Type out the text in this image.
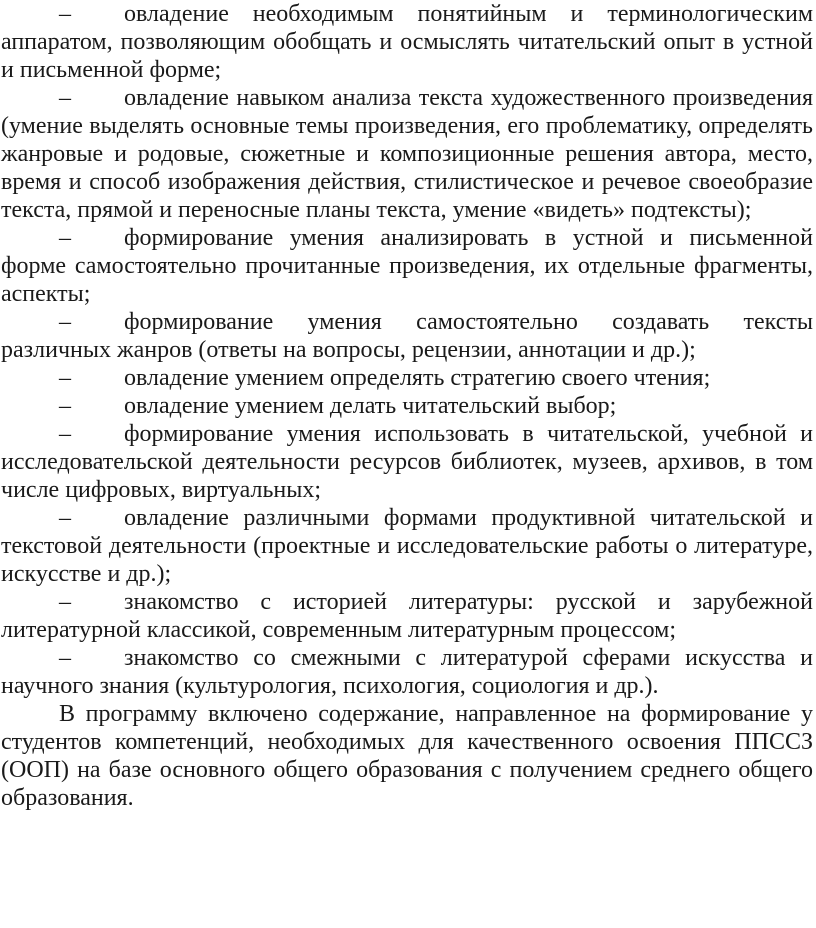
– овладение необходимым понятийным и терминологическим аппаратом, позволяющим обобщать и осмыслять читательский опыт в устной и письменной форме;

– овладение навыком анализа текста художественного произведения (умение выделять основные темы произведения, его проблематику, определять жанровые и родовые, сюжетные и композиционные решения автора, место, время и способ изображения действия, стилистическое и речевое своеобразие текста, прямой и переносные планы текста, умение «видеть» подтексты);

– формирование умения анализировать в устной и письменной форме самостоятельно прочитанные произведения, их отдельные фрагменты, аспекты;

– формирование умения самостоятельно создавать тексты различных жанров (ответы на вопросы, рецензии, аннотации и др.);

– овладение умением определять стратегию своего чтения;

– овладение умением делать читательский выбор;

– формирование умения использовать в читательской, учебной и исследовательской деятельности ресурсов библиотек, музеев, архивов, в том числе цифровых, виртуальных;

– овладение различными формами продуктивной читательской и текстовой деятельности (проектные и исследовательские работы о литературе, искусстве и др.);

– знакомство с историей литературы: русской и зарубежной литературной классикой, современным литературным процессом;

– знакомство со смежными с литературой сферами искусства и научного знания (культурология, психология, социология и др.).

В программу включено содержание, направленное на формирование у студентов компетенций, необходимых для качественного освоения ППССЗ (ООП) на базе основного общего образования с получением среднего общего образования.
